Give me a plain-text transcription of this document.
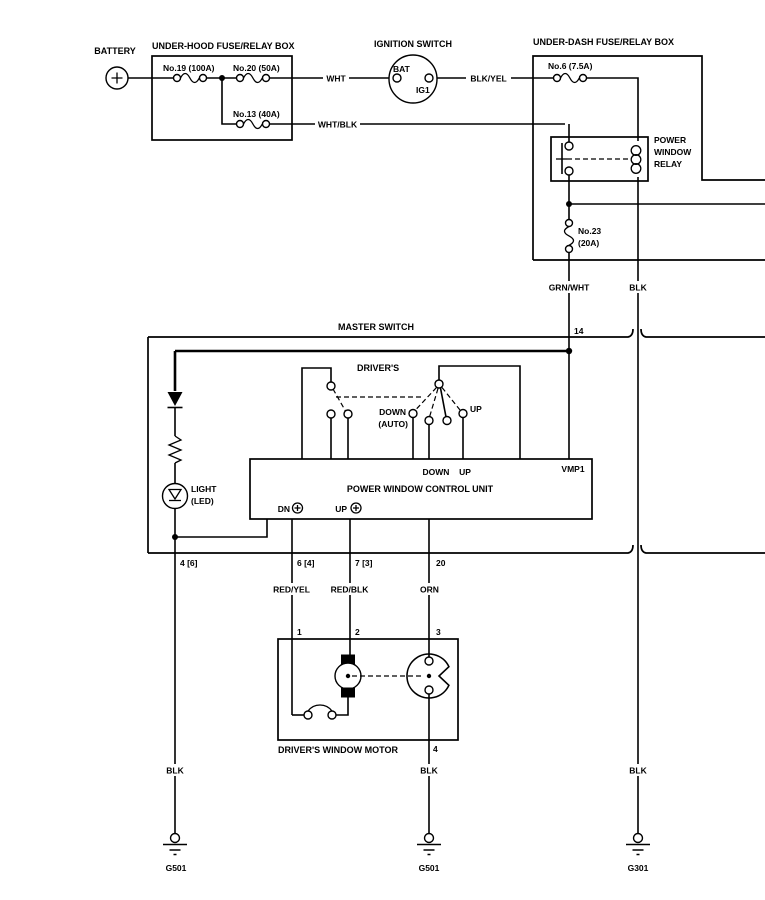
BATTERY UNDER-HOOD FUSE/RELAY BOX
No.19 (100A) No.20 (50A)
No.13 (40A)
IGNITION SWITCH
BAT
IG1
UNDER-DASH FUSE/RELAY BOX
No.6 (7.5A)
POWER
WINDOW
RELAY
No.23
(20A)
MASTER SWITCH	14
LIGHT
(LED)
DRIVER'S
DOWN
(AUTO)
UP
POWER WINDOW CONTROL UNIT
DOWN UP	VMP1
DN	UP
4 [6]	6 [4]	7 [3]	20
1	2	3
4
DRIVER'S WINDOW MOTOR
G501	G501	G301
WHT	BLK/YEL
WHT/BLK
GRN/WHT	BLK
RED/YEL RED/BLK	ORN
BLK	BLK	BLK
